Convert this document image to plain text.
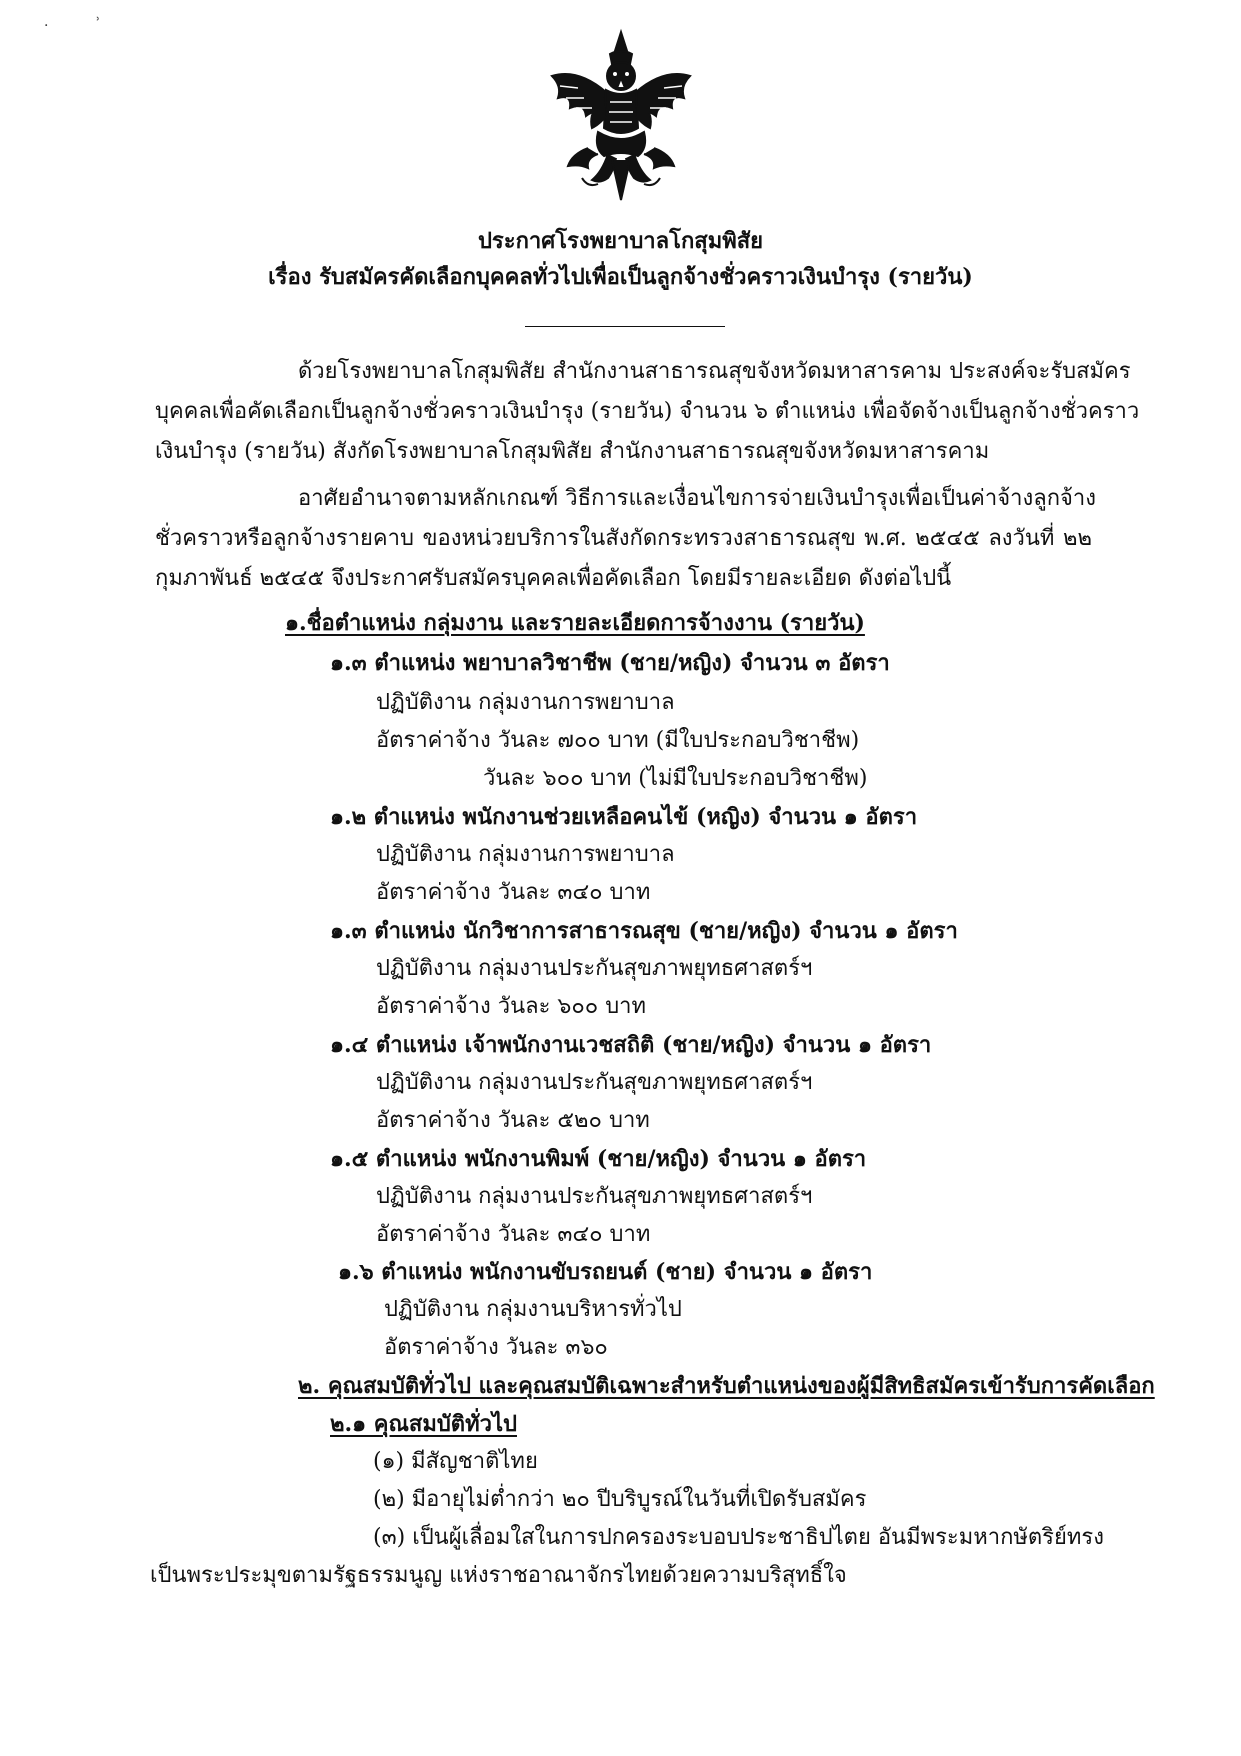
·	˒
ประกาศโรงพยาบาลโกสุมพิสัย
เรื่อง รับสมัครคัดเลือกบุคคลทั่วไปเพื่อเป็นลูกจ้างชั่วคราวเงินบำรุง (รายวัน)
ด้วยโรงพยาบาลโกสุมพิสัย สำนักงานสาธารณสุขจังหวัดมหาสารคาม ประสงค์จะรับสมัคร
บุคคลเพื่อคัดเลือกเป็นลูกจ้างชั่วคราวเงินบำรุง (รายวัน) จำนวน ๖ ตำแหน่ง เพื่อจัดจ้างเป็นลูกจ้างชั่วคราว
เงินบำรุง (รายวัน) สังกัดโรงพยาบาลโกสุมพิสัย สำนักงานสาธารณสุขจังหวัดมหาสารคาม
อาศัยอำนาจตามหลักเกณฑ์ วิธีการและเงื่อนไขการจ่ายเงินบำรุงเพื่อเป็นค่าจ้างลูกจ้าง
ชั่วคราวหรือลูกจ้างรายคาบ ของหน่วยบริการในสังกัดกระทรวงสาธารณสุข พ.ศ. ๒๕๔๕ ลงวันที่ ๒๒
กุมภาพันธ์ ๒๕๔๕ จึงประกาศรับสมัครบุคคลเพื่อคัดเลือก โดยมีรายละเอียด ดังต่อไปนี้
๑.ชื่อตำแหน่ง กลุ่มงาน และรายละเอียดการจ้างงาน (รายวัน)
๑.๓ ตำแหน่ง พยาบาลวิชาชีพ (ชาย/หญิง) จำนวน ๓ อัตรา
ปฏิบัติงาน กลุ่มงานการพยาบาล
อัตราค่าจ้าง วันละ ๗๐๐ บาท (มีใบประกอบวิชาชีพ)
วันละ ๖๐๐ บาท (ไม่มีใบประกอบวิชาชีพ)
๑.๒ ตำแหน่ง พนักงานช่วยเหลือคนไข้ (หญิง) จำนวน ๑ อัตรา
ปฏิบัติงาน กลุ่มงานการพยาบาล
อัตราค่าจ้าง วันละ ๓๔๐ บาท
๑.๓ ตำแหน่ง นักวิชาการสาธารณสุข (ชาย/หญิง) จำนวน ๑ อัตรา
ปฏิบัติงาน กลุ่มงานประกันสุขภาพยุทธศาสตร์ฯ
อัตราค่าจ้าง วันละ ๖๐๐ บาท
๑.๔ ตำแหน่ง เจ้าพนักงานเวชสถิติ (ชาย/หญิง) จำนวน ๑ อัตรา
ปฏิบัติงาน กลุ่มงานประกันสุขภาพยุทธศาสตร์ฯ
อัตราค่าจ้าง วันละ ๕๒๐ บาท
๑.๕ ตำแหน่ง พนักงานพิมพ์ (ชาย/หญิง) จำนวน ๑ อัตรา
ปฏิบัติงาน กลุ่มงานประกันสุขภาพยุทธศาสตร์ฯ
อัตราค่าจ้าง วันละ ๓๔๐ บาท
๑.๖ ตำแหน่ง พนักงานขับรถยนต์ (ชาย) จำนวน ๑ อัตรา
ปฏิบัติงาน กลุ่มงานบริหารทั่วไป
อัตราค่าจ้าง วันละ ๓๖๐
๒. คุณสมบัติทั่วไป และคุณสมบัติเฉพาะสำหรับตำแหน่งของผู้มีสิทธิสมัครเข้ารับการคัดเลือก
๒.๑ คุณสมบัติทั่วไป
(๑) มีสัญชาติไทย
(๒) มีอายุไม่ต่ำกว่า ๒๐ ปีบริบูรณ์ในวันที่เปิดรับสมัคร
(๓) เป็นผู้เลื่อมใสในการปกครองระบอบประชาธิปไตย อันมีพระมหากษัตริย์ทรง
เป็นพระประมุขตามรัฐธรรมนูญ แห่งราชอาณาจักรไทยด้วยความบริสุทธิ์ใจ
